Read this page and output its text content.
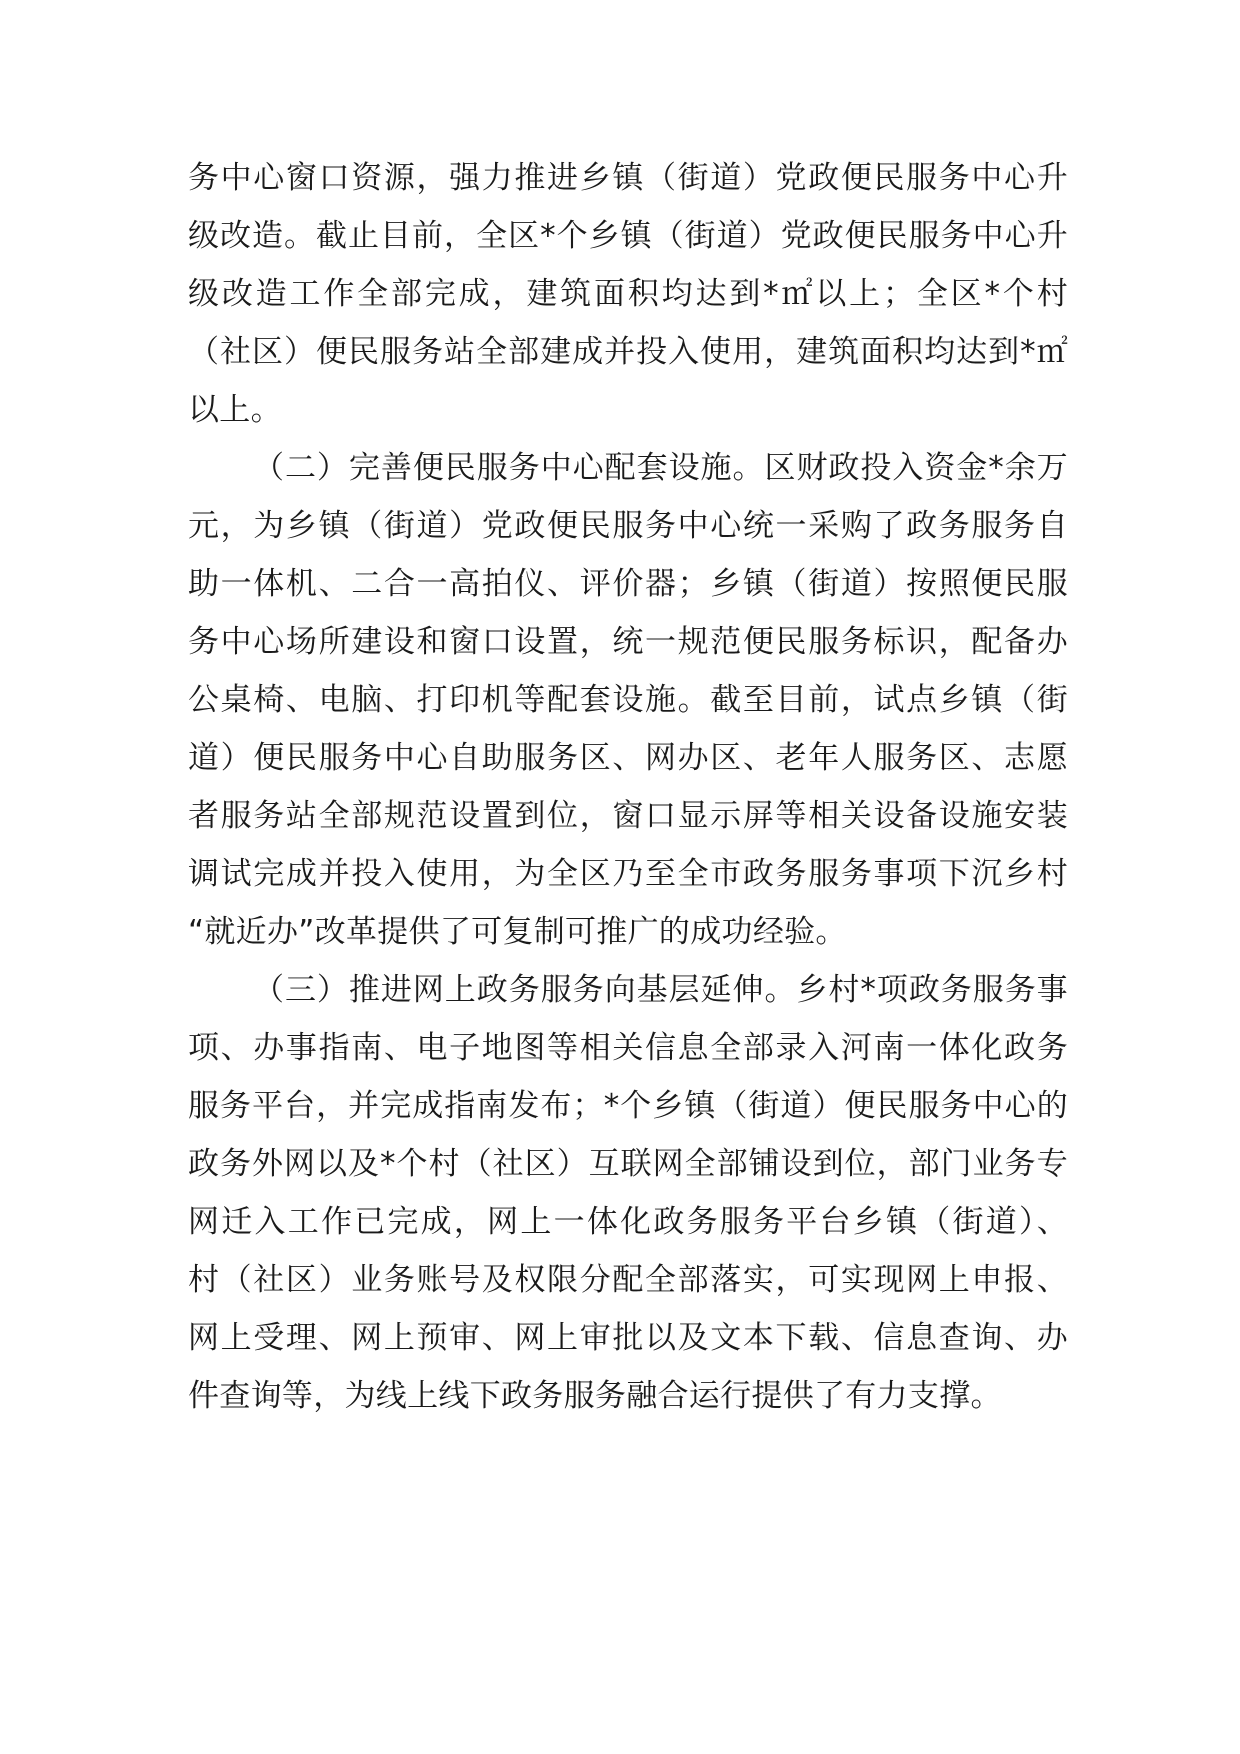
务中心窗口资源，强力推进乡镇（街道）党政便民服务中心升
级改造。截止目前，全区*个乡镇（街道）党政便民服务中心升
级改造工作全部完成，建筑面积均达到*㎡以上；全区*个村
（社区）便民服务站全部建成并投入使用，建筑面积均达到*㎡
以上。
（二）完善便民服务中心配套设施。区财政投入资金*余万
元，为乡镇（街道）党政便民服务中心统一采购了政务服务自
助一体机、二合一高拍仪、评价器；乡镇（街道）按照便民服
务中心场所建设和窗口设置，统一规范便民服务标识，配备办
公桌椅、电脑、打印机等配套设施。截至目前，试点乡镇（街
道）便民服务中心自助服务区、网办区、老年人服务区、志愿
者服务站全部规范设置到位，窗口显示屏等相关设备设施安装
调试完成并投入使用，为全区乃至全市政务服务事项下沉乡村
“就近办”改革提供了可复制可推广的成功经验。
（三）推进网上政务服务向基层延伸。乡村*项政务服务事
项、办事指南、电子地图等相关信息全部录入河南一体化政务
服务平台，并完成指南发布；*个乡镇（街道）便民服务中心的
政务外网以及*个村（社区）互联网全部铺设到位，部门业务专
网迁入工作已完成，网上一体化政务服务平台乡镇（街道）、
村（社区）业务账号及权限分配全部落实，可实现网上申报、
网上受理、网上预审、网上审批以及文本下载、信息查询、办
件查询等，为线上线下政务服务融合运行提供了有力支撑。
